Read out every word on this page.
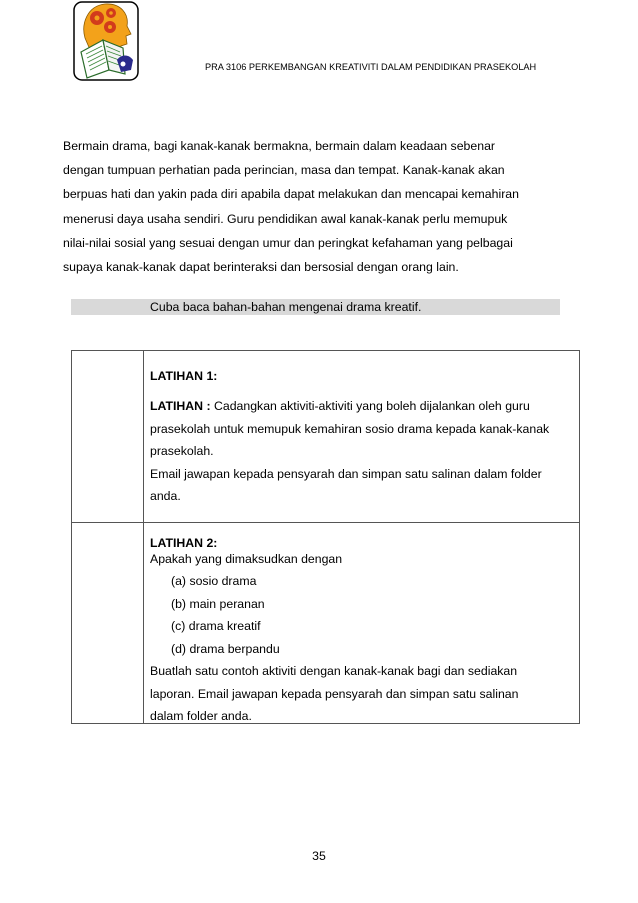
PRA 3106 PERKEMBANGAN KREATIVITI DALAM PENDIDIKAN PRASEKOLAH

Bermain drama, bagi kanak-kanak bermakna, bermain dalam keadaan sebenar

dengan tumpuan perhatian pada perincian, masa dan tempat. Kanak-kanak akan

berpuas hati dan yakin pada diri apabila dapat melakukan dan mencapai kemahiran

menerusi daya usaha sendiri. Guru pendidikan awal kanak-kanak perlu memupuk

nilai-nilai sosial yang sesuai dengan umur dan peringkat kefahaman yang pelbagai

supaya kanak-kanak dapat berinteraksi dan bersosial dengan orang lain.

Cuba baca bahan-bahan mengenai drama kreatif.
LATIHAN 1:

LATIHAN : Cadangkan aktiviti-aktiviti yang boleh dijalankan oleh guru

prasekolah untuk memupuk kemahiran sosio drama kepada kanak-kanak

prasekolah.

Email jawapan kepada pensyarah dan simpan satu salinan dalam folder

anda.

LATIHAN 2:

Apakah yang dimaksudkan dengan

(a) sosio drama
(b) main peranan
(c) drama kreatif
(d) drama berpandu

Buatlah satu contoh aktiviti dengan kanak-kanak bagi dan sediakan

laporan. Email jawapan kepada pensyarah dan simpan satu salinan

dalam folder anda.

35
